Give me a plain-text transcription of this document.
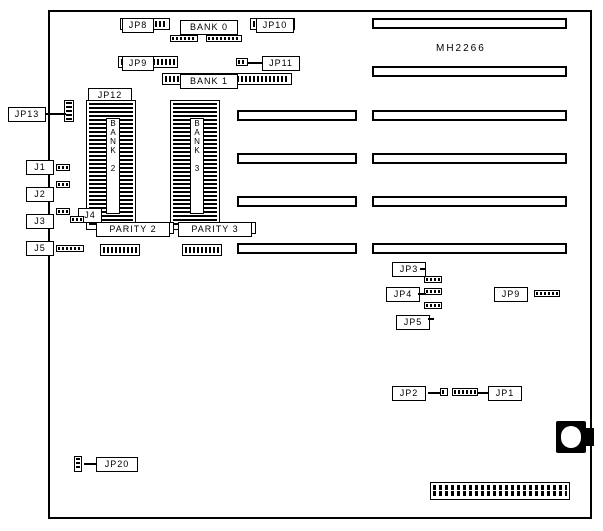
MH2266
JP8	BANK 0	JP10
JP9	JP11
BANK 1
JP12
JP13
B
A
N
K

2
B
A
N
K

3
PARITY 2	PARITY 3
J1
J2
J3
J4
J5
JP3
JP4
JP5
JP9
JP2	JP1
JP20
